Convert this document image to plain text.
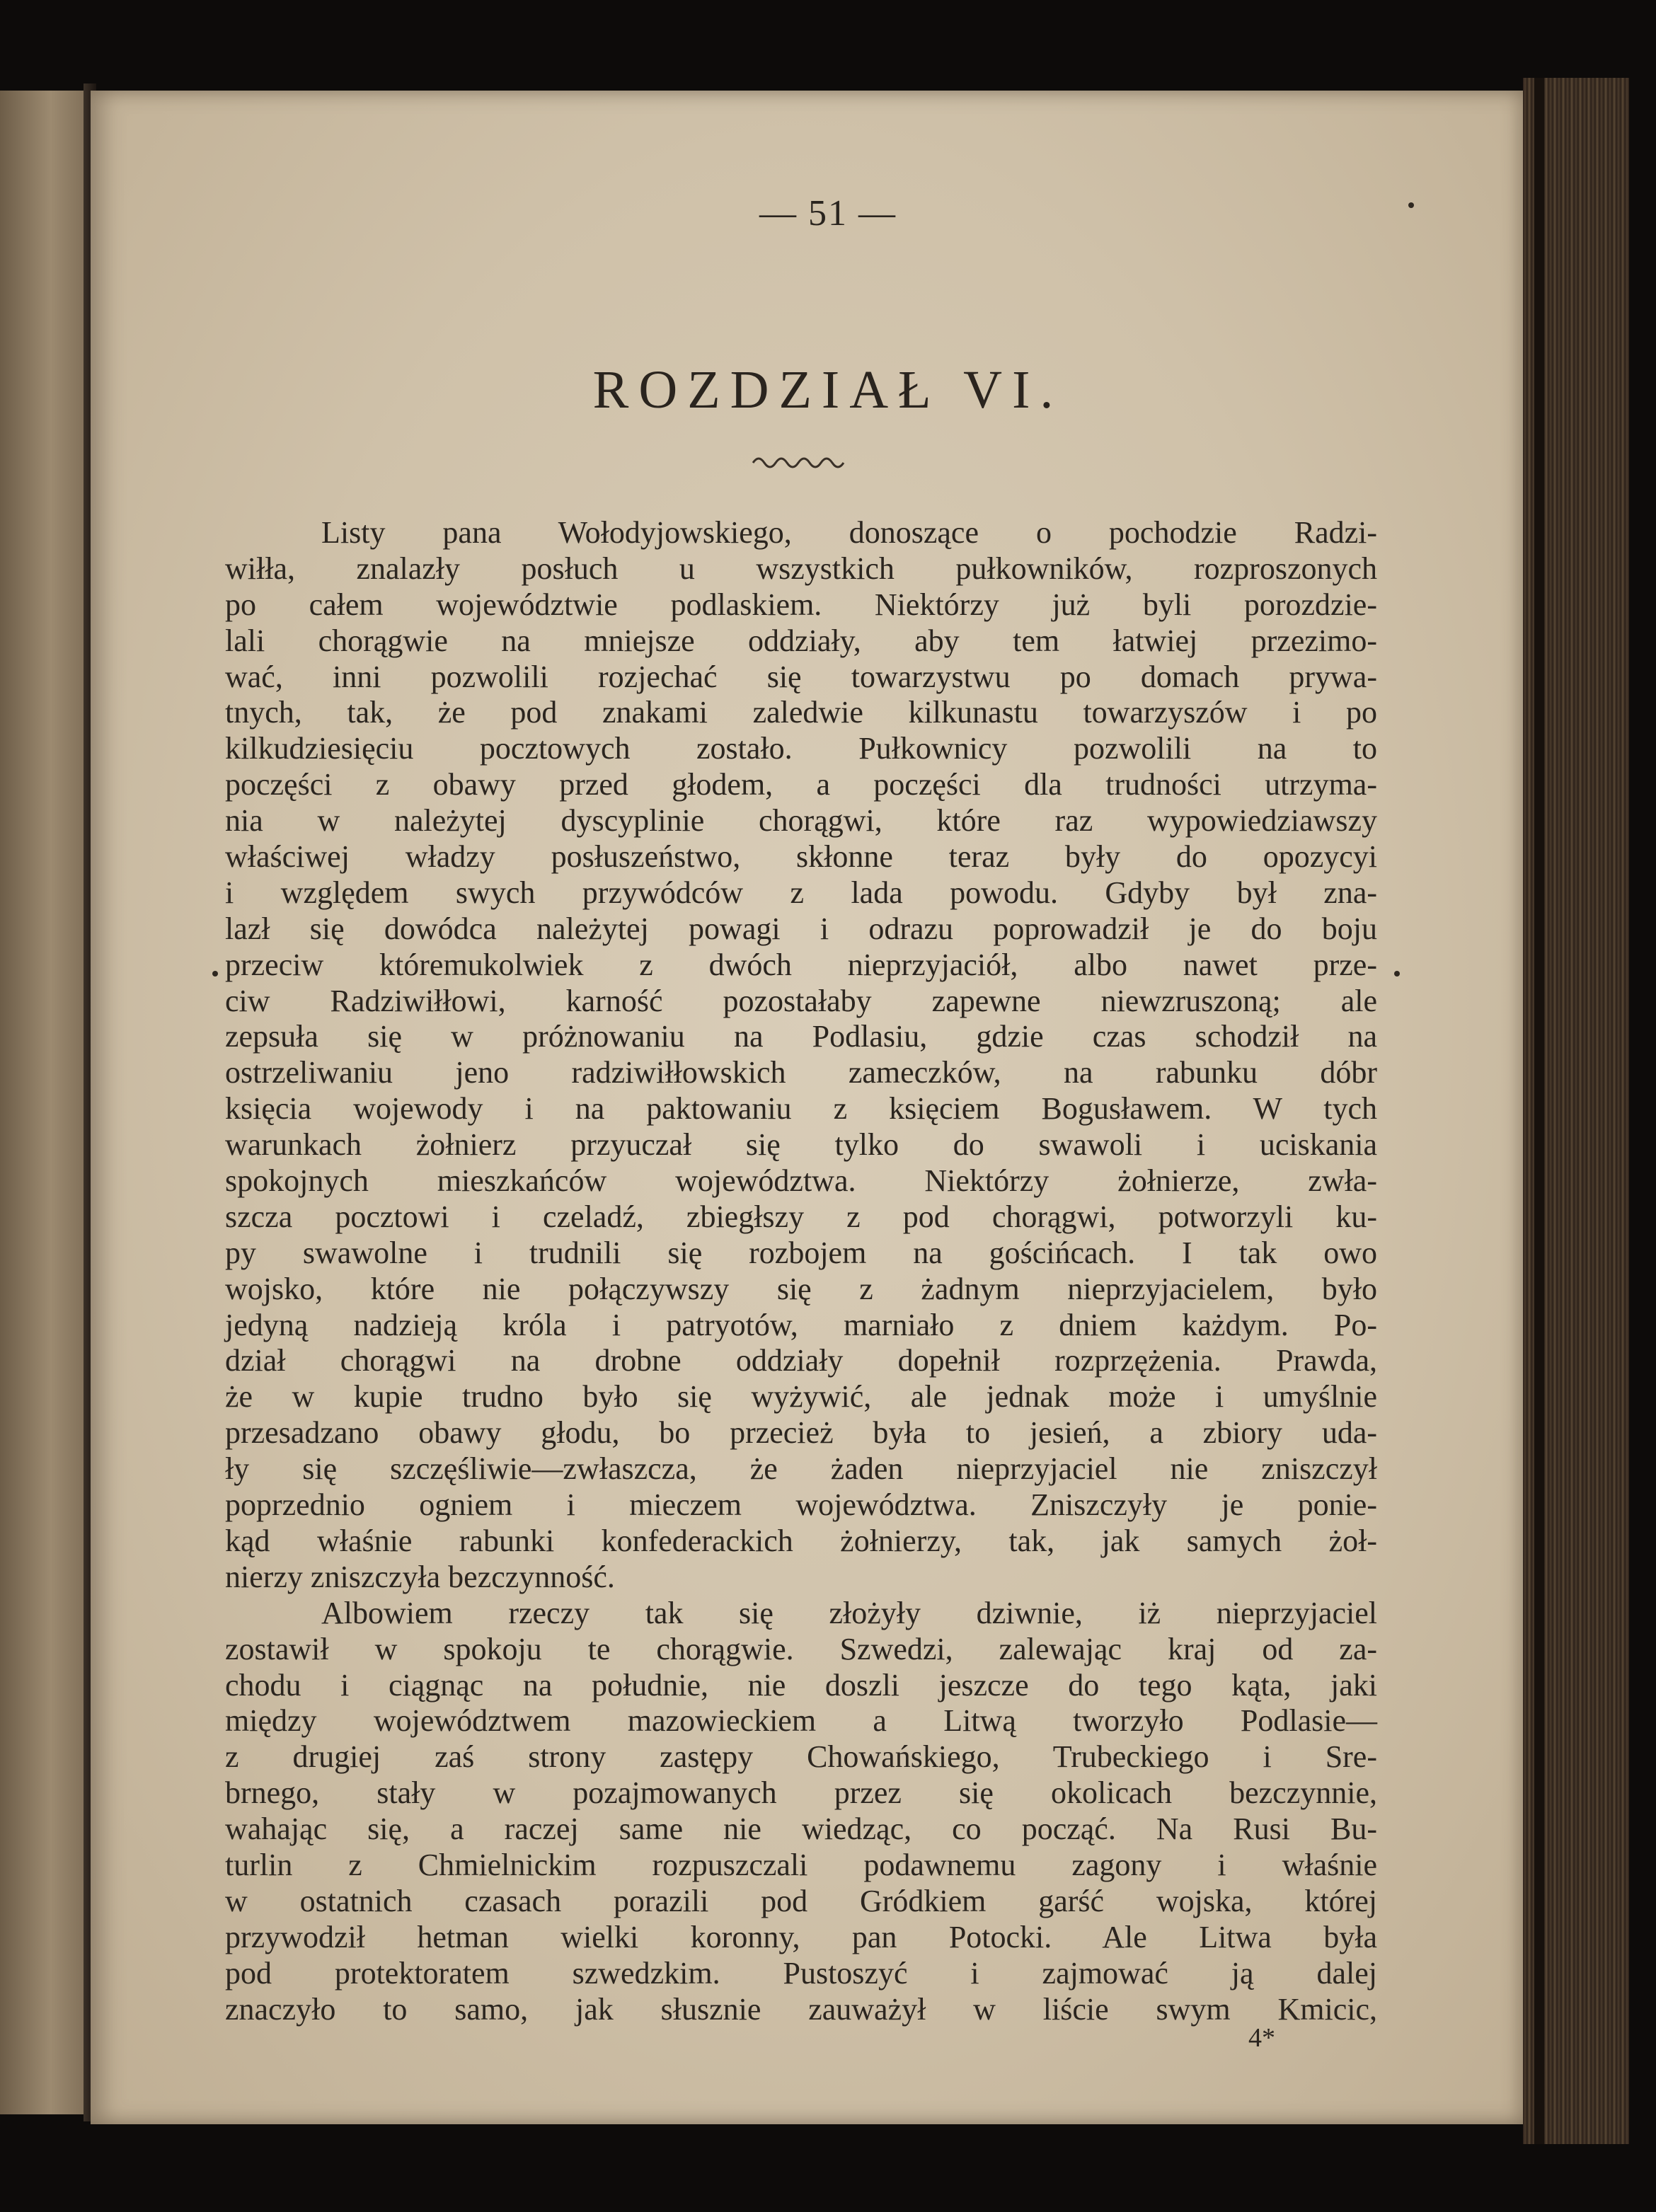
— 51 —
ROZDZIAŁ VI.
Listy pana Wołodyjowskiego, donoszące o pochodzie Radzi-
wiłła, znalazły posłuch u wszystkich pułkowników, rozproszonych
po całem województwie podlaskiem. Niektórzy już byli porozdzie-
lali chorągwie na mniejsze oddziały, aby tem łatwiej przezimo-
wać, inni pozwolili rozjechać się towarzystwu po domach prywa-
tnych, tak, że pod znakami zaledwie kilkunastu towarzyszów i po
kilkudziesięciu pocztowych zostało. Pułkownicy pozwolili na to
poczęści z obawy przed głodem, a poczęści dla trudności utrzyma-
nia w należytej dyscyplinie chorągwi, które raz wypowiedziawszy
właściwej władzy posłuszeństwo, skłonne teraz były do opozycyi
i względem swych przywódców z lada powodu. Gdyby był zna-
lazł się dowódca należytej powagi i odrazu poprowadził je do boju
przeciw któremukolwiek z dwóch nieprzyjaciół, albo nawet prze-
ciw Radziwiłłowi, karność pozostałaby zapewne niewzruszoną; ale
zepsuła się w próżnowaniu na Podlasiu, gdzie czas schodził na
ostrzeliwaniu jeno radziwiłłowskich zameczków, na rabunku dóbr
księcia wojewody i na paktowaniu z księciem Bogusławem. W tych
warunkach żołnierz przyuczał się tylko do swawoli i uciskania
spokojnych mieszkańców województwa. Niektórzy żołnierze, zwła-
szcza pocztowi i czeladź, zbiegłszy z pod chorągwi, potworzyli ku-
py swawolne i trudnili się rozbojem na gościńcach. I tak owo
wojsko, które nie połączywszy się z żadnym nieprzyjacielem, było
jedyną nadzieją króla i patryotów, marniało z dniem każdym. Po-
dział chorągwi na drobne oddziały dopełnił rozprzężenia. Prawda,
że w kupie trudno było się wyżywić, ale jednak może i umyślnie
przesadzano obawy głodu, bo przecież była to jesień, a zbiory uda-
ły się szczęśliwie—zwłaszcza, że żaden nieprzyjaciel nie zniszczył
poprzednio ogniem i mieczem województwa. Zniszczyły je ponie-
kąd właśnie rabunki konfederackich żołnierzy, tak, jak samych żoł-
nierzy zniszczyła bezczynność.
Albowiem rzeczy tak się złożyły dziwnie, iż nieprzyjaciel
zostawił w spokoju te chorągwie. Szwedzi, zalewając kraj od za-
chodu i ciągnąc na południe, nie doszli jeszcze do tego kąta, jaki
między województwem mazowieckiem a Litwą tworzyło Podlasie—
z drugiej zaś strony zastępy Chowańskiego, Trubeckiego i Sre-
brnego, stały w pozajmowanych przez się okolicach bezczynnie,
wahając się, a raczej same nie wiedząc, co począć. Na Rusi Bu-
turlin z Chmielnickim rozpuszczali podawnemu zagony i właśnie
w ostatnich czasach porazili pod Gródkiem garść wojska, której
przywodził hetman wielki koronny, pan Potocki. Ale Litwa była
pod protektoratem szwedzkim. Pustoszyć i zajmować ją dalej
znaczyło to samo, jak słusznie zauważył w liście swym Kmicic,
4*
